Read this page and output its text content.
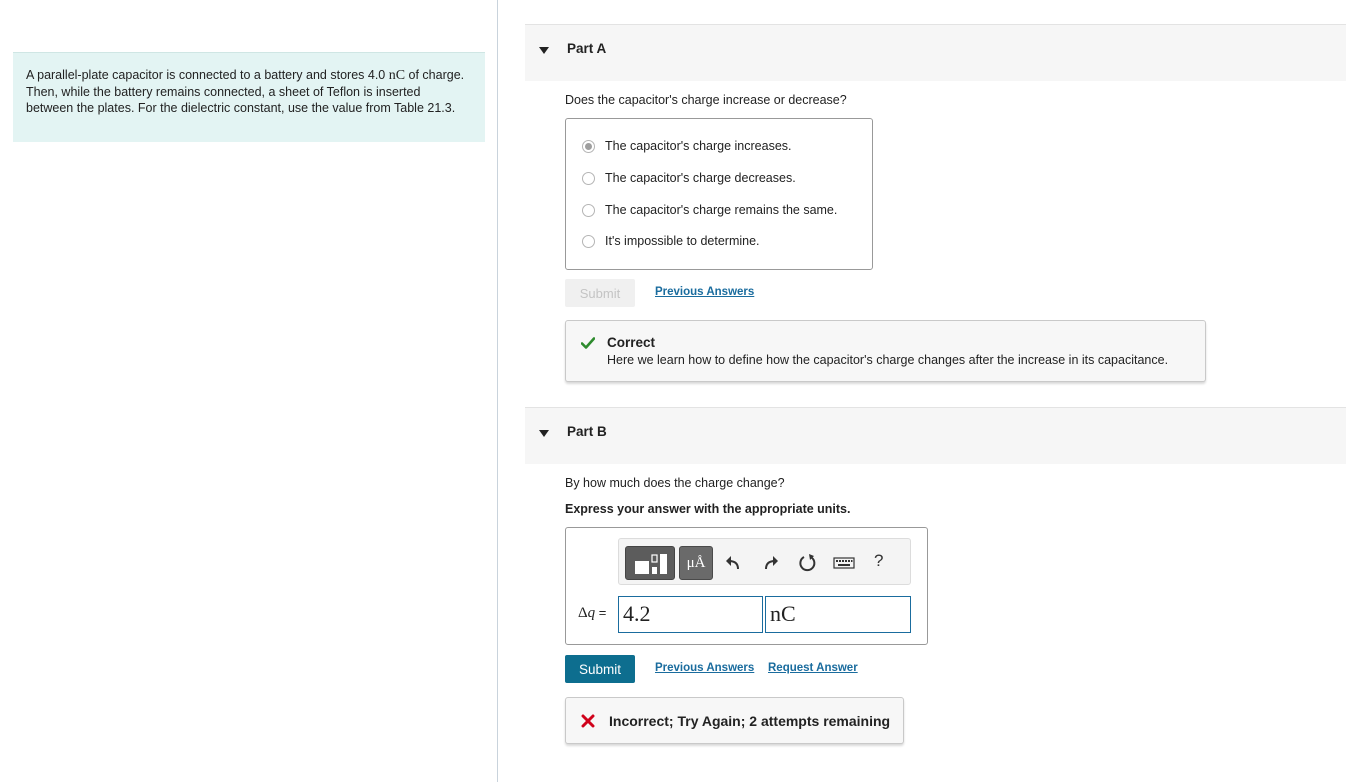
A parallel-plate capacitor is connected to a battery and stores 4.0 nC of charge. Then, while the battery remains connected, a sheet of Teflon is inserted between the plates. For the dielectric constant, use the value from Table 21.3.
Part A
Does the capacitor's charge increase or decrease?
The capacitor's charge increases.
The capacitor's charge decreases.
The capacitor's charge remains the same.
It's impossible to determine.
Submit	Previous Answers
Correct
Here we learn how to define how the capacitor's charge changes after the increase in its capacitance.
Part B
By how much does the charge change?
Express your answer with the appropriate units.
μÅ	?
Δq = 4.2	nC
Submit	Previous Answers Request Answer
Incorrect; Try Again; 2 attempts remaining
